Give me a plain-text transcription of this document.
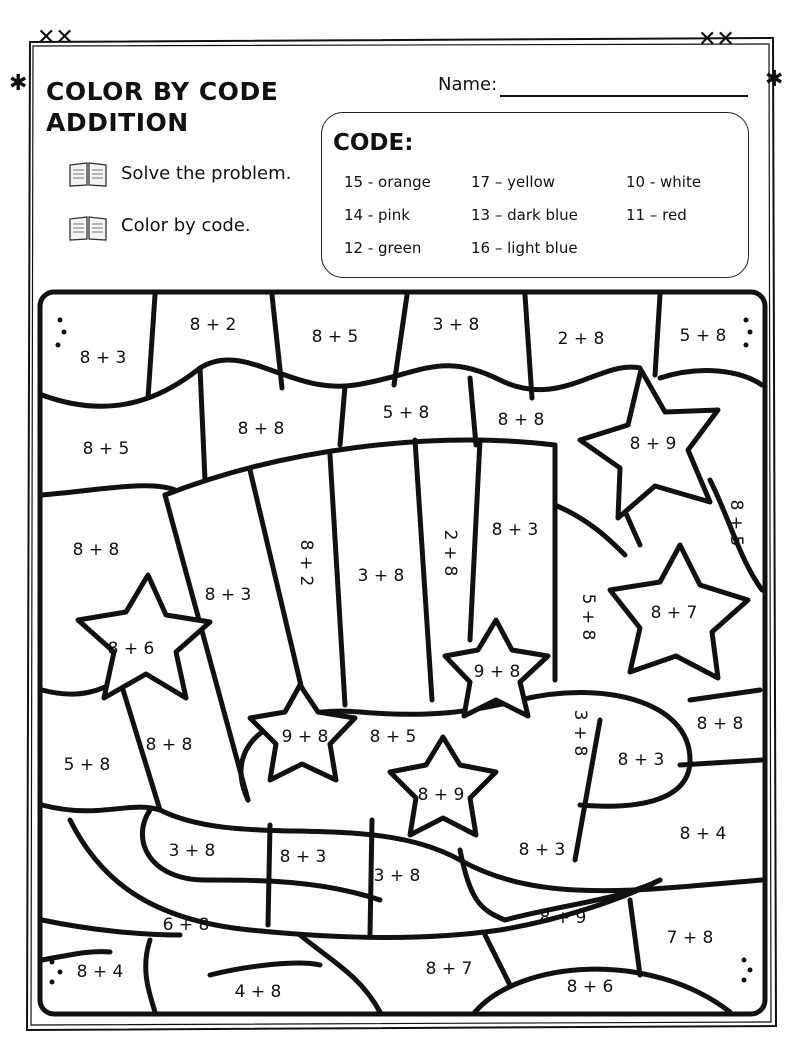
✕✕	✕✕
✱	✱
COLOR BY CODE
ADDITION
Solve the problem.
Color by code.
Name:
CODE:
15 - orange	17 – yellow	10 - white
14 - pink	13 – dark blue	11 – red
12 - green	16 – light blue
8 + 3
8 + 2
8 + 5
3 + 8
2 + 8	5 + 8
8 + 5
8 + 8
5 + 8	8 + 8
8 + 9
8 + 5
8 + 8
8 + 3
8 + 2 3 + 8 2 + 8 8 + 3
5 + 8	8 + 7
8 + 6
9 + 8
5 + 8
8 + 8	9 + 8 8 + 5	3 + 8	8 + 8
8 + 3
8 + 9
3 + 8	8 + 3
3 + 8
8 + 3
8 + 4
6 + 8	8 + 9
7 + 8
8 + 4
4 + 8
8 + 7
8 + 6
